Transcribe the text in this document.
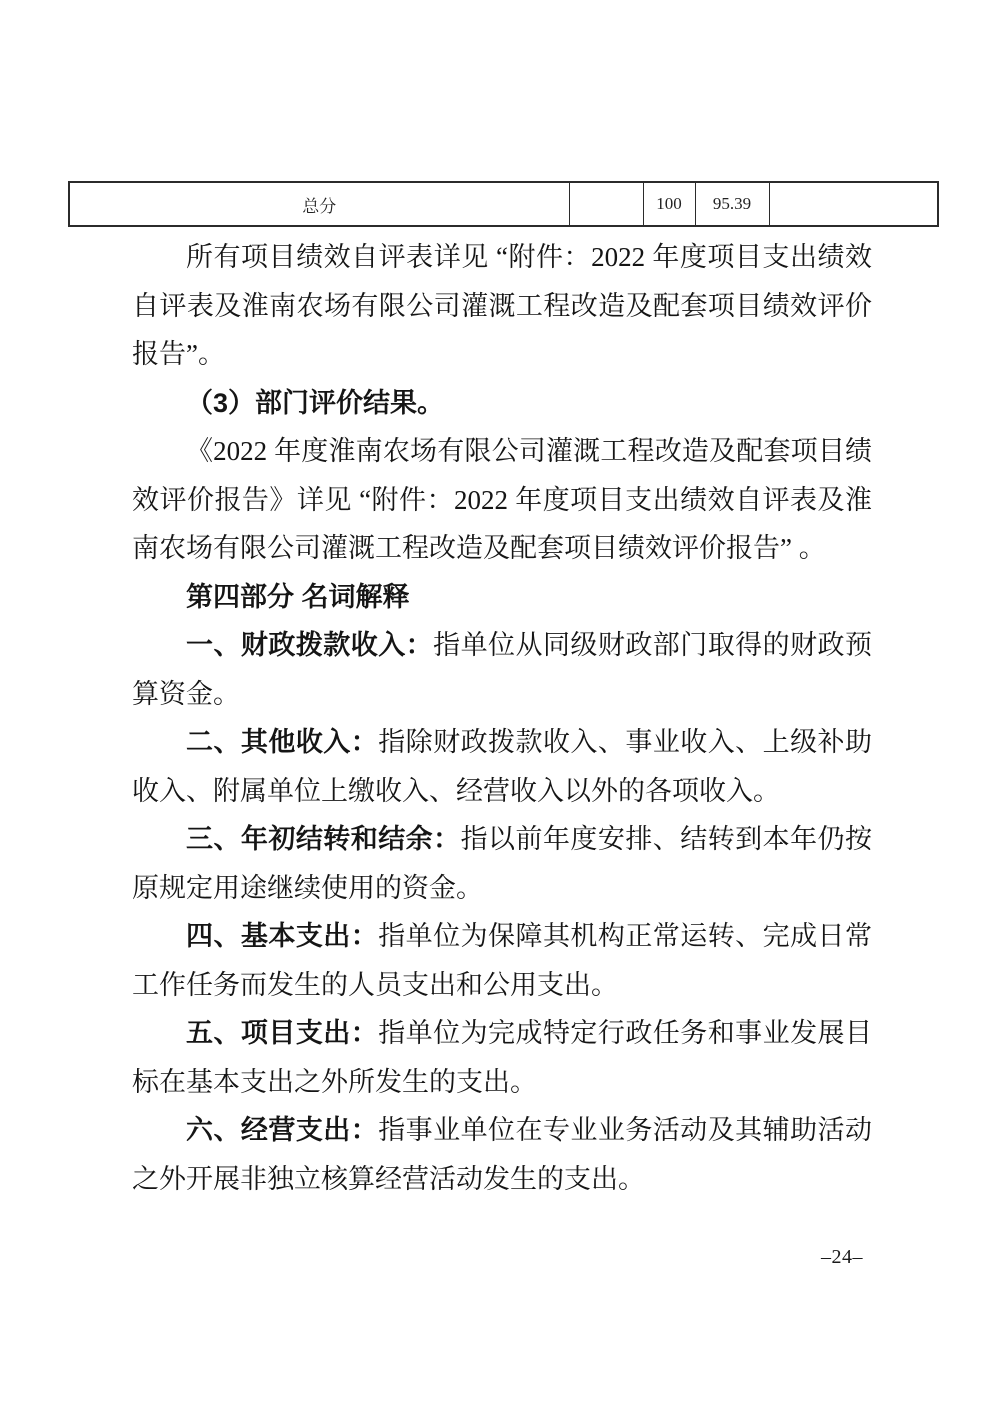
总分		100	95.39	

所有项目绩效自评表详见 “附件：2022 年度项目支出绩效自评表及淮南农场有限公司灌溉工程改造及配套项目绩效评价报告”。

（3）部门评价结果。

《2022 年度淮南农场有限公司灌溉工程改造及配套项目绩效评价报告》详见 “附件：2022 年度项目支出绩效自评表及淮南农场有限公司灌溉工程改造及配套项目绩效评价报告” 。

第四部分 名词解释

一、财政拨款收入：指单位从同级财政部门取得的财政预算资金。

二、其他收入：指除财政拨款收入、事业收入、上级补助收入、附属单位上缴收入、经营收入以外的各项收入。

三、年初结转和结余：指以前年度安排、结转到本年仍按原规定用途继续使用的资金。

四、基本支出：指单位为保障其机构正常运转、完成日常工作任务而发生的人员支出和公用支出。

五、项目支出：指单位为完成特定行政任务和事业发展目标在基本支出之外所发生的支出。

六、经营支出：指事业单位在专业业务活动及其辅助活动之外开展非独立核算经营活动发生的支出。

–24–
